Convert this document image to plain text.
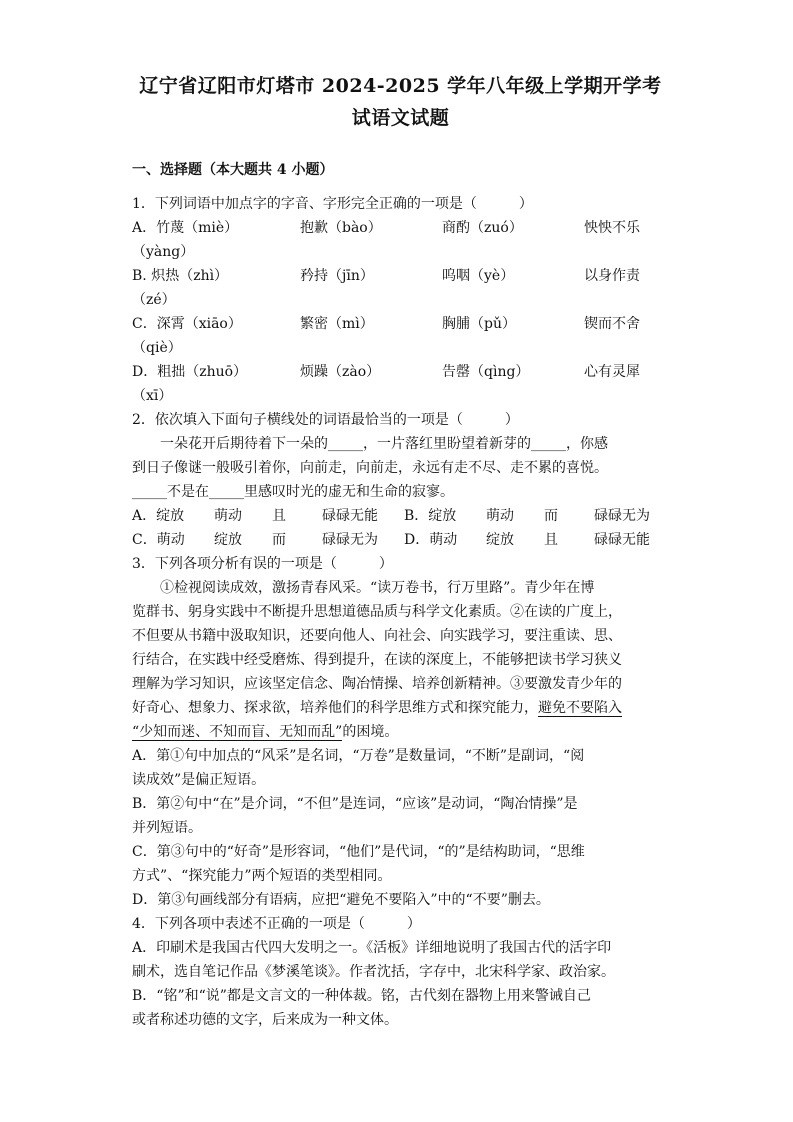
辽宁省辽阳市灯塔市 2024-2025 学年八年级上学期开学考
试语文试题
一、选择题（本大题共 4 小题）

1．下列词语中加点字的字音、字形完全正确的一项是（　　　）

A．竹蔑（miè）	抱歉（bào）	商酌（zuó）	怏怏不乐

（yàng）

B. 炽热（zhì）	矜持（jīn）	呜咽（yè）	以身作责

（zé）

C．深霄（xiāo）	繁密（mì）	胸脯（pǔ）	锲而不舍

（qiè）

D．粗拙（zhuō）	烦躁（zào）	告罄（qìng）	心有灵犀

（xī）

2．依次填入下面句子横线处的词语最恰当的一项是（　　　）

一朵花开后期待着下一朵的_____，一片落红里盼望着新芽的_____，你感

到日子像谜一般吸引着你，向前走，向前走，永远有走不尽、走不累的喜悦。

_____不是在_____里感叹时光的虚无和生命的寂寥。

A．绽放	萌动	且	碌碌无能	B．绽放	萌动	而	碌碌无为
C．萌动	绽放	而	碌碌无为	D．萌动	绽放	且	碌碌无能

3．下列各项分析有误的一项是（　　　）

①检视阅读成效，激扬青春风采。“读万卷书，行万里路”。青少年在博

览群书、躬身实践中不断提升思想道德品质与科学文化素质。②在读的广度上，

不但要从书籍中汲取知识，还要向他人、向社会、向实践学习，要注重读、思、

行结合，在实践中经受磨炼、得到提升，在读的深度上，不能够把读书学习狭义

理解为学习知识，应该坚定信念、陶冶情操、培养创新精神。③要激发青少年的

好奇心、想象力、探求欲，培养他们的科学思维方式和探究能力，避免不要陷入

“少知而迷、不知而盲、无知而乱”的困境。

A．第①句中加点的“风采”是名词，“万卷”是数量词，“不断”是副词，“阅

读成效”是偏正短语。

B．第②句中“在”是介词，“不但”是连词，“应该”是动词，“陶冶情操”是

并列短语。

C．第③句中的“好奇”是形容词，“他们”是代词，“的”是结构助词，“思维

方式”、“探究能力”两个短语的类型相同。

D．第③句画线部分有语病，应把“避免不要陷入”中的“不要”删去。

4．下列各项中表述不正确的一项是（　　　）

A．印刷术是我国古代四大发明之一。《活板》详细地说明了我国古代的活字印

刷术，选自笔记作品《梦溪笔谈》。作者沈括，字存中，北宋科学家、政治家。

B．“铭”和“说”都是文言文的一种体裁。铭，古代刻在器物上用来警诫自己

或者称述功德的文字，后来成为一种文体。
